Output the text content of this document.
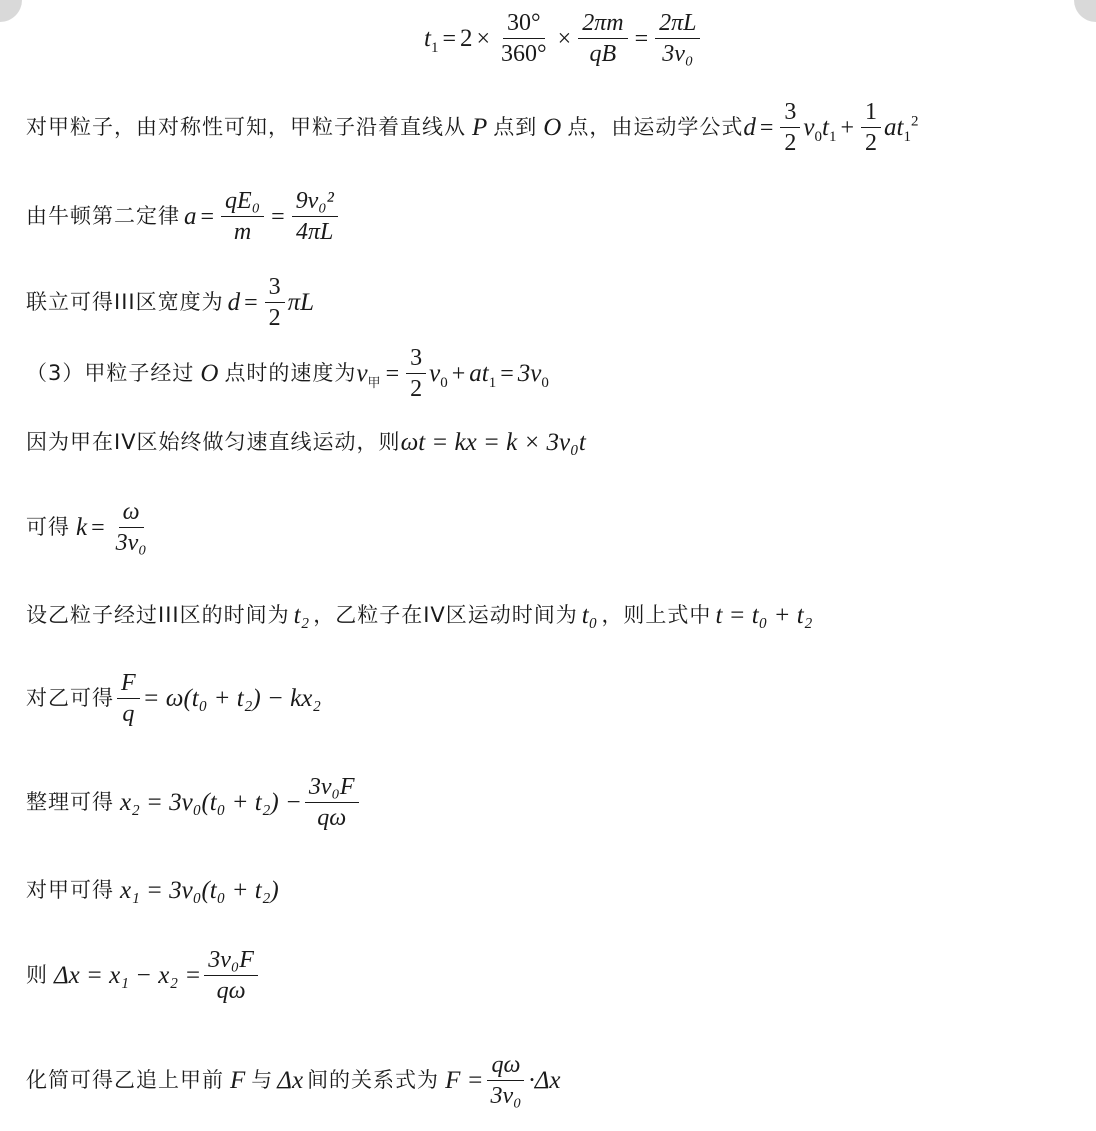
$t_1 = 2 \times \frac{30^\circ}{360^\circ} \times \frac{2\pi m}{qB} = \frac{2\pi L}{\text{3v₀}}$
对甲粒子，由对称性可知，甲粒子沿着直线从 P 点到 O 点，由运动学公式 $d = \frac{3}{2} v_0t_1 + \frac{1}{2} at_1^2$
由牛顿第二定律 $a = \frac{\text{qE₀}}{m} = \frac{\text{9v₀²}}{4\pi L}$
联立可得III区宽度为 $d = \frac{3}{2}$ πL
（3）甲粒子经过 O 点时的速度为 $v_甲 = \frac{3}{2} v_0 + at_1 = 3v_0$
因为甲在IV区始终做匀速直线运动，则 ωt = kx = k × 3v₀t
可得 $k = \frac{\omega}{\text{3v₀}}$
设乙粒子经过III区的时间为 t₂ ，乙粒子在IV区运动时间为 t₀ ，则上式中 t = t₀ + t₂
对乙可得 $\frac{F}{q} = \omega(t_0 + t_2) - kx_2$
整理可得 $x_2 = 3v_0(t_0 + t_2) - \frac{\text{3v₀F}}{q\omega}$
对甲可得 x₁ = 3v₀(t₀ + t₂)
则 $\Delta x = x_1 - x_2 = \frac{\text{3v₀F}}{q\omega}$
化简可得乙追上甲前 F 与 Δx 间的关系式为 $F = \frac{q\omega}{\text{3v₀}} \cdot\Delta x$
